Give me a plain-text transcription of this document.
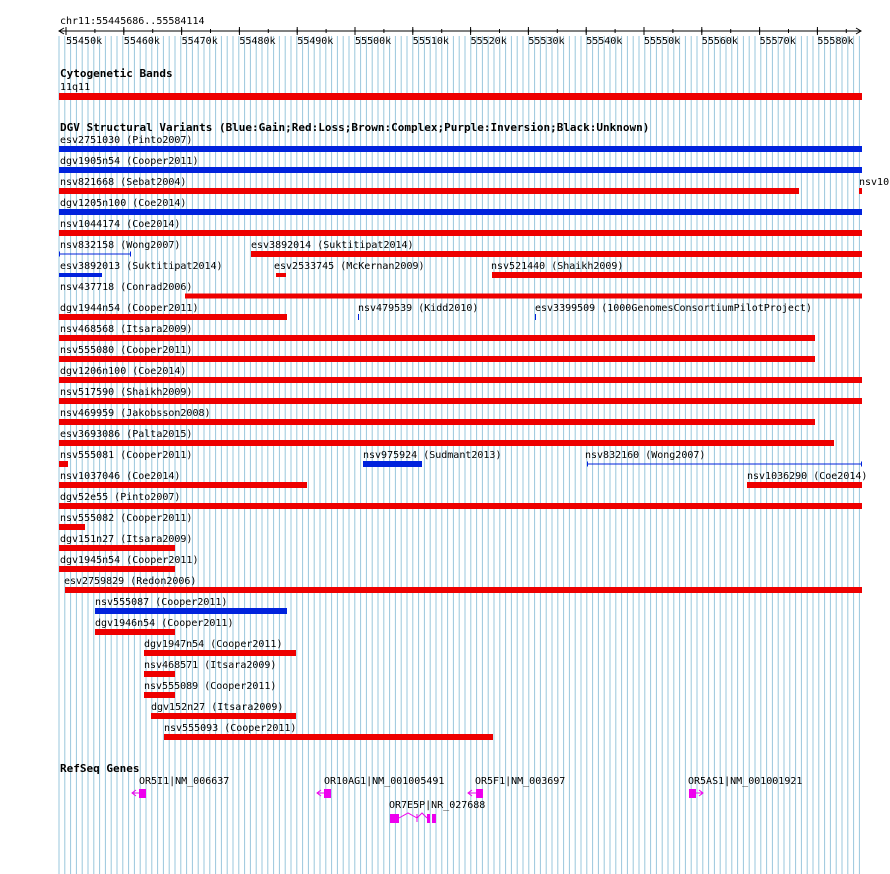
chr11:55445686..55584114
55450k 55460k 55470k 55480k 55490k 55500k 55510k 55520k 55530k 55540k 55550k 55560k 55570k 55580k
Cytogenetic Bands
11q11
DGV Structural Variants (Blue:Gain;Red:Loss;Brown:Complex;Purple:Inversion;Black:Unknown)
esv2751030 (Pinto2007)
dgv1905n54 (Cooper2011)
nsv821668 (Sebat2004)	nsv10
dgv1205n100 (Coe2014)
nsv1044174 (Coe2014)
nsv832158 (Wong2007)	esv3892014 (Suktitipat2014)
esv3892013 (Suktitipat2014)	esv2533745 (McKernan2009)	nsv521440 (Shaikh2009)
nsv437718 (Conrad2006)
dgv1944n54 (Cooper2011)	nsv479539 (Kidd2010)	esv3399509 (1000GenomesConsortiumPilotProject)
nsv468568 (Itsara2009)
nsv555080 (Cooper2011)
dgv1206n100 (Coe2014)
nsv517590 (Shaikh2009)
nsv469959 (Jakobsson2008)
esv3693086 (Palta2015)
nsv555081 (Cooper2011)	nsv975924 (Sudmant2013)	nsv832160 (Wong2007)
nsv1037046 (Coe2014)	nsv1036290 (Coe2014)
dgv52e55 (Pinto2007)
nsv555082 (Cooper2011)
dgv151n27 (Itsara2009)
dgv1945n54 (Cooper2011)
esv2759829 (Redon2006)
nsv555087 (Cooper2011)
dgv1946n54 (Cooper2011)
dgv1947n54 (Cooper2011)
nsv468571 (Itsara2009)
nsv555089 (Cooper2011)
dgv152n27 (Itsara2009)
nsv555093 (Cooper2011)
RefSeq Genes
OR5I1|NM_006637	OR10AG1|NM_001005491	OR5F1|NM_003697	OR5AS1|NM_001001921
OR7E5P|NR_027688
